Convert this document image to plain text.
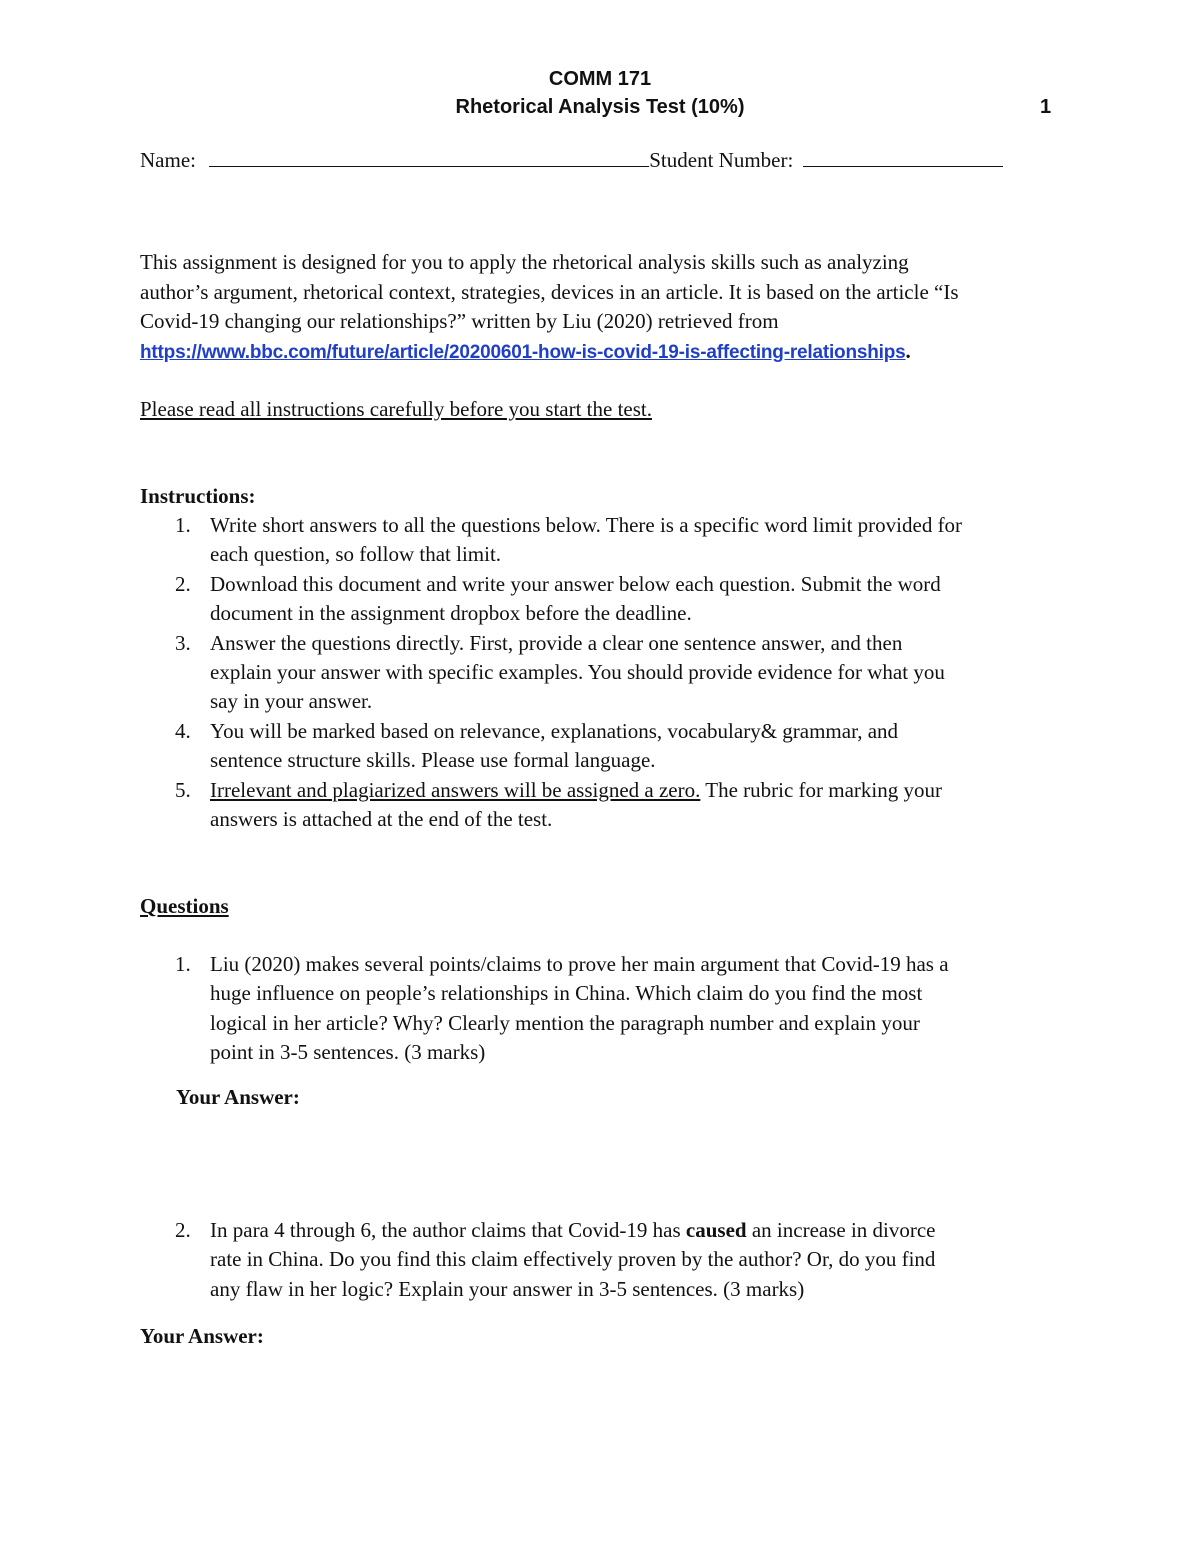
COMM 171
Rhetorical Analysis Test (10%)	1
Name:	Student Number:
This assignment is designed for you to apply the rhetorical analysis skills such as analyzing
author’s argument, rhetorical context, strategies, devices in an article. It is based on the article “Is
Covid-19 changing our relationships?” written by Liu (2020) retrieved from
https://www.bbc.com/future/article/20200601-how-is-covid-19-is-affecting-relationships.
Please read all instructions carefully before you start the test.
Instructions:
1. Write short answers to all the questions below. There is a specific word limit provided for
each question, so follow that limit.
2. Download this document and write your answer below each question. Submit the word
document in the assignment dropbox before the deadline.
3. Answer the questions directly. First, provide a clear one sentence answer, and then
explain your answer with specific examples. You should provide evidence for what you
say in your answer.
4. You will be marked based on relevance, explanations, vocabulary& grammar, and
sentence structure skills. Please use formal language.
5. Irrelevant and plagiarized answers will be assigned a zero. The rubric for marking your
answers is attached at the end of the test.
Questions
1. Liu (2020) makes several points/claims to prove her main argument that Covid-19 has a
huge influence on people’s relationships in China. Which claim do you find the most
logical in her article? Why? Clearly mention the paragraph number and explain your
point in 3-5 sentences. (3 marks)
Your Answer:
2. In para 4 through 6, the author claims that Covid-19 has caused an increase in divorce
rate in China. Do you find this claim effectively proven by the author? Or, do you find
any flaw in her logic? Explain your answer in 3-5 sentences. (3 marks)
Your Answer:
